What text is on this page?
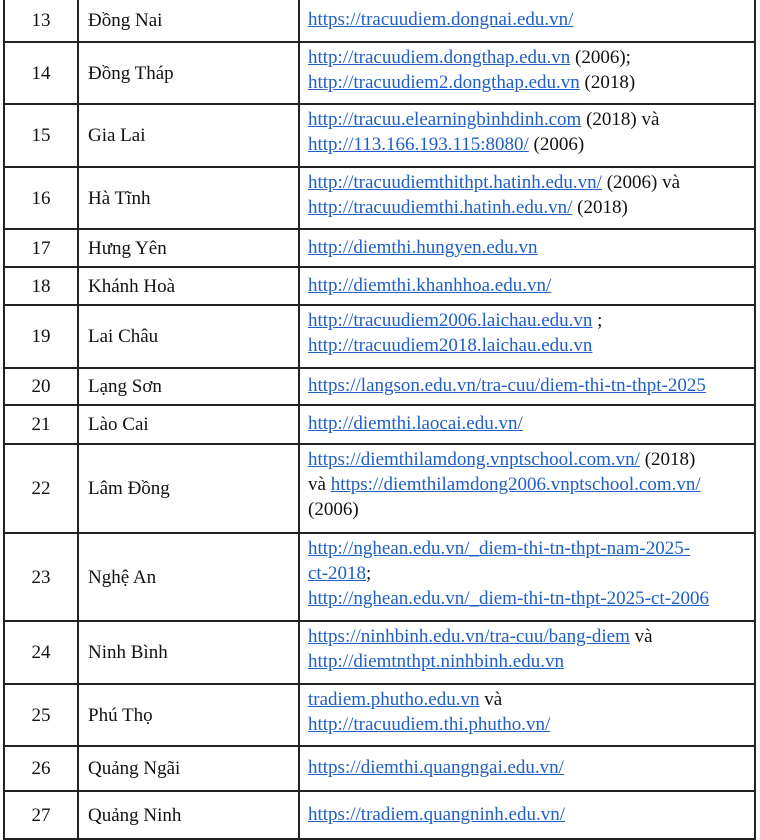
13	Đồng Nai	https://tracuudiem.dongnai.edu.vn/
14	Đồng Tháp	http://tracuudiem.dongthap.edu.vn (2006);
http://tracuudiem2.dongthap.edu.vn (2018)
15	Gia Lai	http://tracuu.elearningbinhdinh.com (2018) và
http://113.166.193.115:8080/ (2006)
16	Hà Tĩnh	http://tracuudiemthithpt.hatinh.edu.vn/ (2006) và
http://tracuudiemthi.hatinh.edu.vn/ (2018)
17	Hưng Yên	http://diemthi.hungyen.edu.vn
18	Khánh Hoà	http://diemthi.khanhhoa.edu.vn/
19	Lai Châu	http://tracuudiem2006.laichau.edu.vn ;
http://tracuudiem2018.laichau.edu.vn
20	Lạng Sơn	https://langson.edu.vn/tra-cuu/diem-thi-tn-thpt-2025
21	Lào Cai	http://diemthi.laocai.edu.vn/
22	Lâm Đồng	https://diemthilamdong.vnptschool.com.vn/ (2018)
và https://diemthilamdong2006.vnptschool.com.vn/
(2006)
23	Nghệ An	http://nghean.edu.vn/_diem-thi-tn-thpt-nam-2025-
ct-2018;
http://nghean.edu.vn/_diem-thi-tn-thpt-2025-ct-2006
24	Ninh Bình	https://ninhbinh.edu.vn/tra-cuu/bang-diem và
http://diemtnthpt.ninhbinh.edu.vn
25	Phú Thọ	tradiem.phutho.edu.vn và
http://tracuudiem.thi.phutho.vn/
26	Quảng Ngãi	https://diemthi.quangngai.edu.vn/
27	Quảng Ninh	https://tradiem.quangninh.edu.vn/
